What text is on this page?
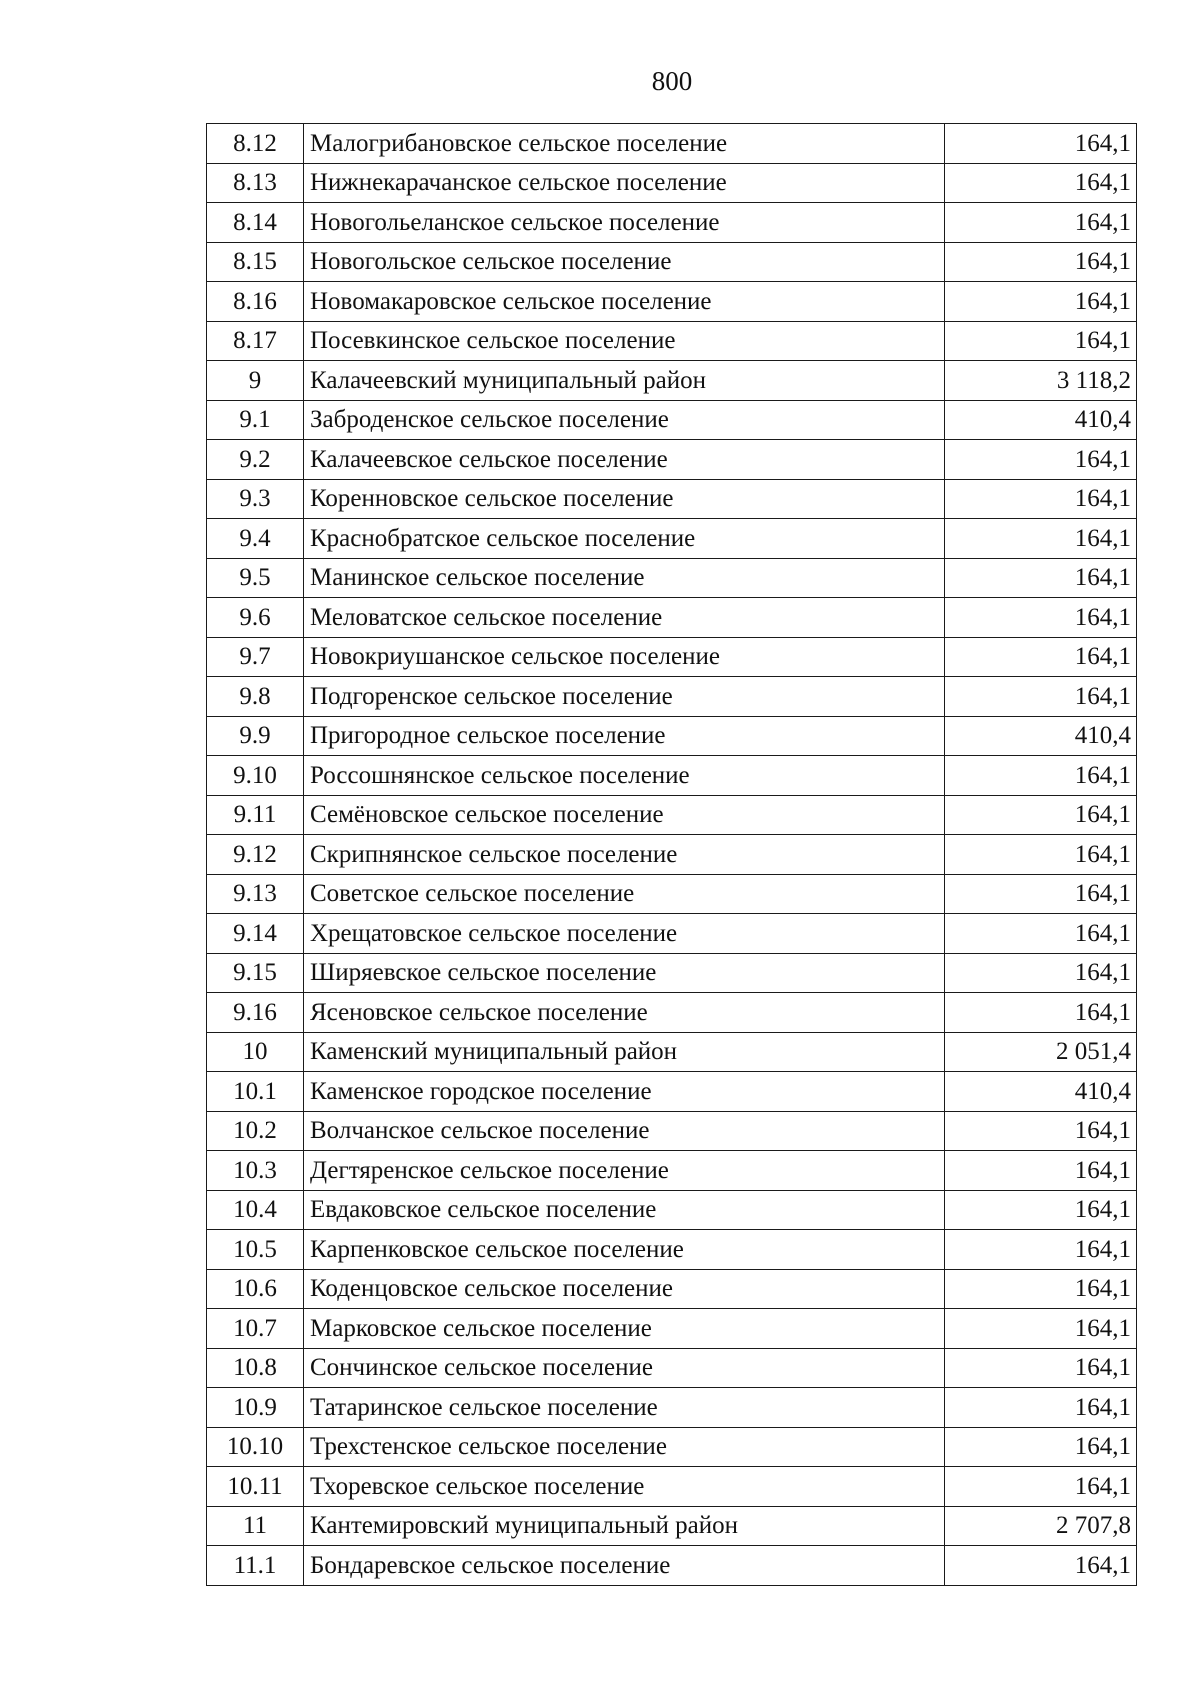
800
8.12	Малогрибановское сельское поселение	164,1
8.13	Нижнекарачанское сельское поселение	164,1
8.14	Новогольеланское сельское поселение	164,1
8.15	Новогольское сельское поселение	164,1
8.16	Новомакаровское сельское поселение	164,1
8.17	Посевкинское сельское поселение	164,1
9	Калачеевский муниципальный район	3 118,2
9.1	Заброденское сельское поселение	410,4
9.2	Калачеевское сельское поселение	164,1
9.3	Коренновское сельское поселение	164,1
9.4	Краснобратское сельское поселение	164,1
9.5	Манинское сельское поселение	164,1
9.6	Меловатское сельское поселение	164,1
9.7	Новокриушанское сельское поселение	164,1
9.8	Подгоренское сельское поселение	164,1
9.9	Пригородное сельское поселение	410,4
9.10	Россошнянское сельское поселение	164,1
9.11	Семёновское сельское поселение	164,1
9.12	Скрипнянское сельское поселение	164,1
9.13	Советское сельское поселение	164,1
9.14	Хрещатовское сельское поселение	164,1
9.15	Ширяевское сельское поселение	164,1
9.16	Ясеновское сельское поселение	164,1
10	Каменский муниципальный район	2 051,4
10.1	Каменское городское поселение	410,4
10.2	Волчанское сельское поселение	164,1
10.3	Дегтяренское сельское поселение	164,1
10.4	Евдаковское сельское поселение	164,1
10.5	Карпенковское сельское поселение	164,1
10.6	Коденцовское сельское поселение	164,1
10.7	Марковское сельское поселение	164,1
10.8	Сончинское сельское поселение	164,1
10.9	Татаринское сельское поселение	164,1
10.10	Трехстенское сельское поселение	164,1
10.11	Тхоревское сельское поселение	164,1
11	Кантемировский муниципальный район	2 707,8
11.1	Бондаревское сельское поселение	164,1
